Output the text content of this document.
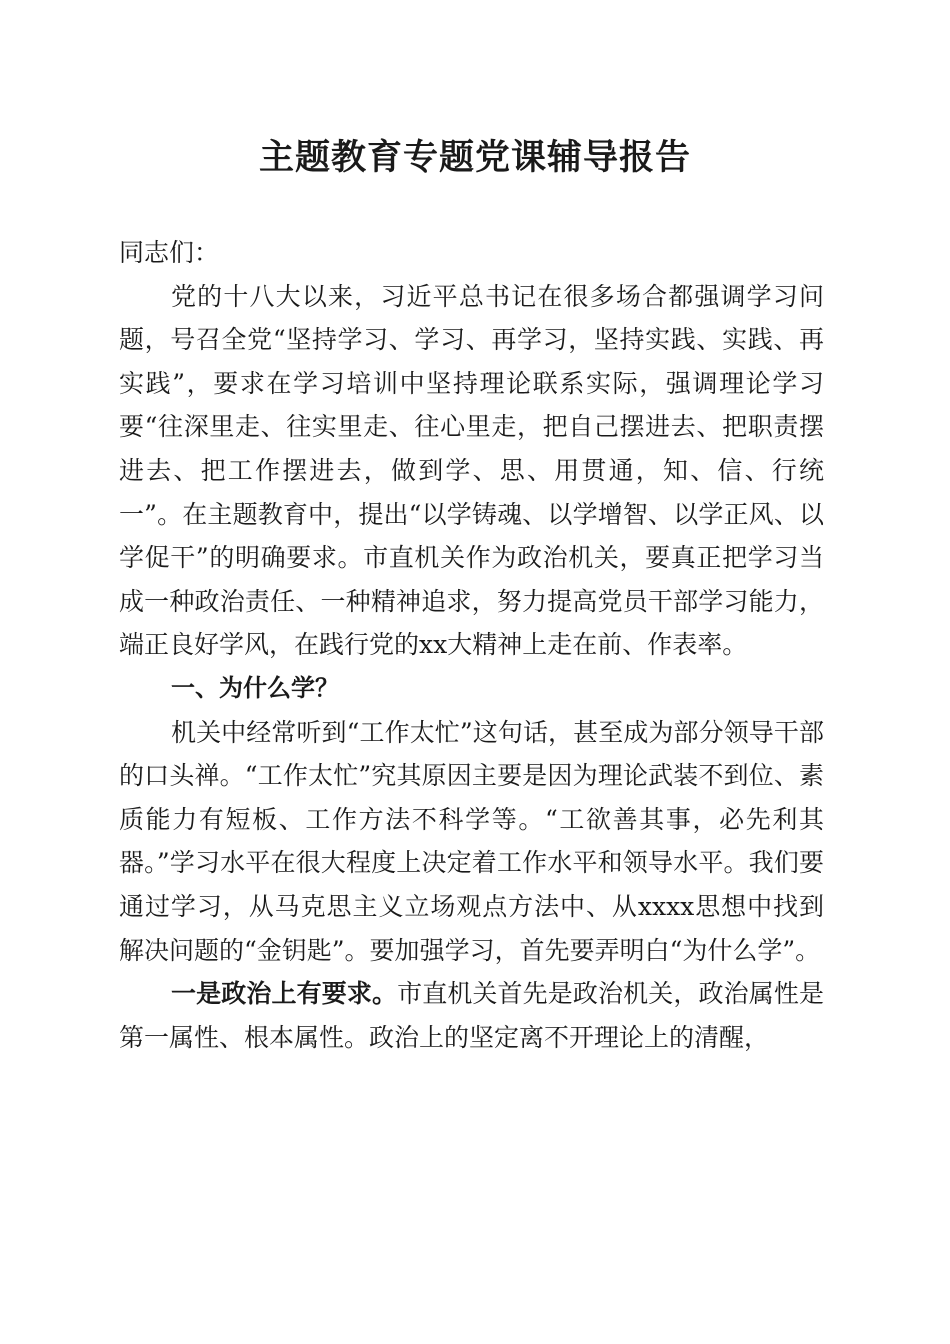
主题教育专题党课辅导报告

同志们：

党的十八大以来，习近平总书记在很多场合都强调学习问题，号召全党“坚持学习、学习、再学习，坚持实践、实践、再实践”，要求在学习培训中坚持理论联系实际，强调理论学习要“往深里走、往实里走、往心里走，把自己摆进去、把职责摆进去、把工作摆进去，做到学、思、用贯通，知、信、行统一”。在主题教育中，提出“以学铸魂、以学增智、以学正风、以学促干”的明确要求。市直机关作为政治机关，要真正把学习当成一种政治责任、一种精神追求，努力提高党员干部学习能力，端正良好学风，在践行党的xx大精神上走在前、作表率。

一、为什么学？

机关中经常听到“工作太忙”这句话，甚至成为部分领导干部的口头禅。“工作太忙”究其原因主要是因为理论武装不到位、素质能力有短板、工作方法不科学等。“工欲善其事，必先利其器。”学习水平在很大程度上决定着工作水平和领导水平。我们要通过学习，从马克思主义立场观点方法中、从xxxx思想中找到解决问题的“金钥匙”。要加强学习，首先要弄明白“为什么学”。

一是政治上有要求。市直机关首先是政治机关，政治属性是第一属性、根本属性。政治上的坚定离不开理论上的清醒，
